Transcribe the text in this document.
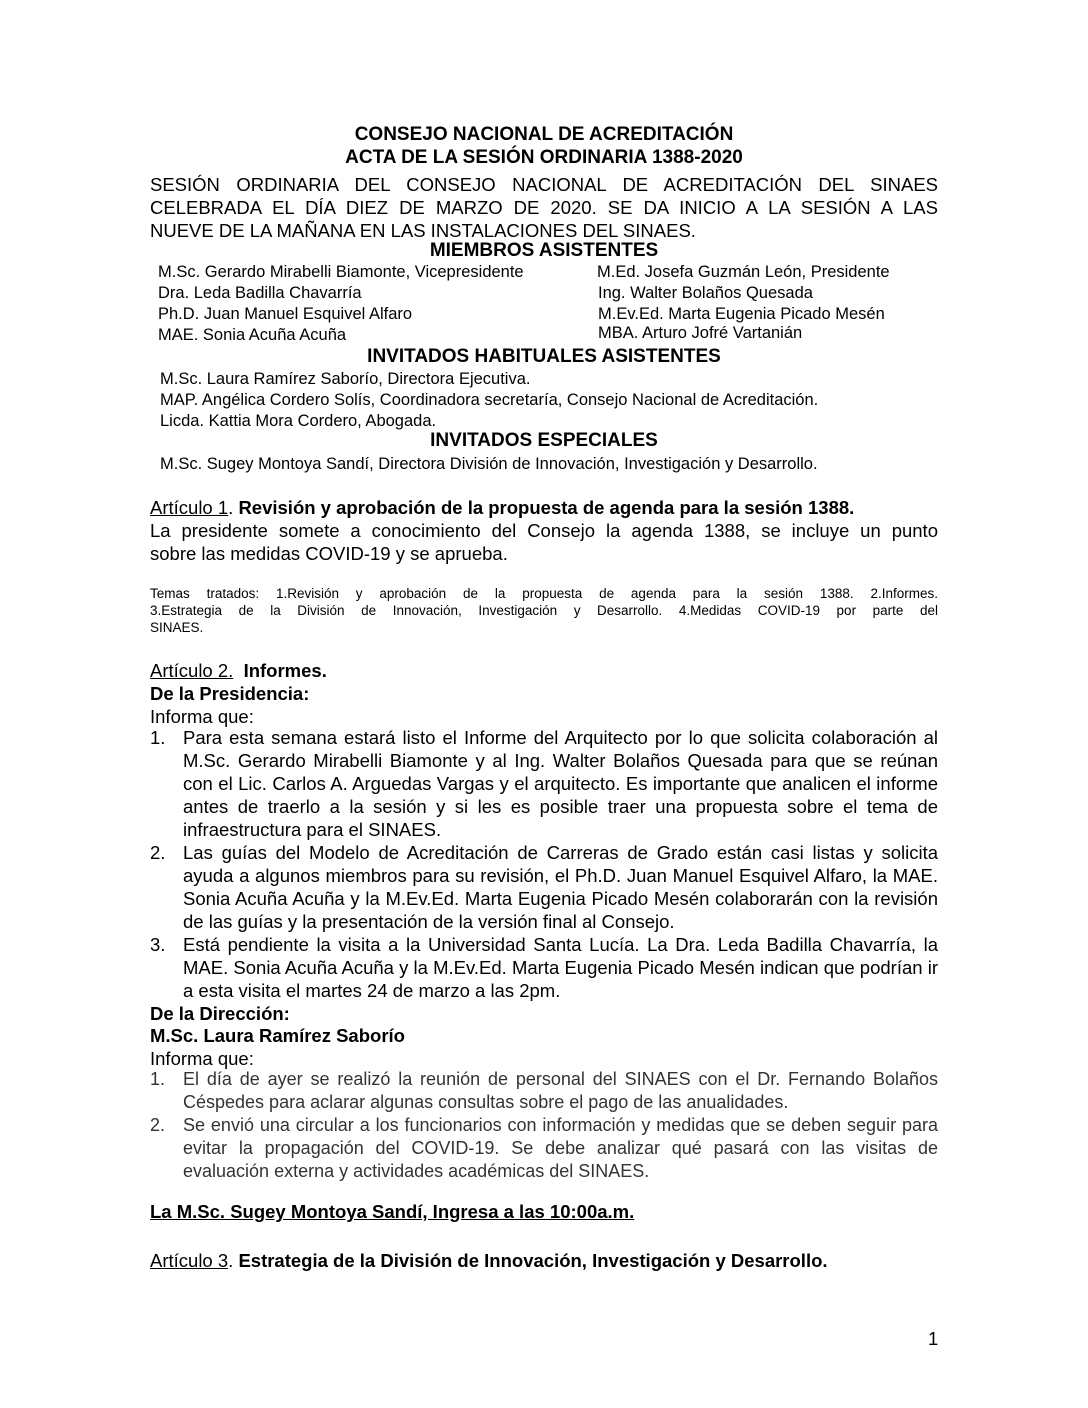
CONSEJO NACIONAL DE ACREDITACIÓN

ACTA DE LA SESIÓN ORDINARIA 1388-2020

SESIÓN ORDINARIA DEL CONSEJO NACIONAL DE ACREDITACIÓN DEL SINAES

CELEBRADA EL DÍA DIEZ DE MARZO DE 2020. SE DA INICIO A LA SESIÓN A LAS

NUEVE DE LA MAÑANA EN LAS INSTALACIONES DEL SINAES.

MIEMBROS ASISTENTES

M.Sc. Gerardo Mirabelli Biamonte, Vicepresidente

Dra. Leda Badilla Chavarría

Ph.D. Juan Manuel Esquivel Alfaro

MAE. Sonia Acuña Acuña

M.Ed. Josefa Guzmán León, Presidente

Ing. Walter Bolaños Quesada

M.Ev.Ed. Marta Eugenia Picado Mesén

MBA. Arturo Jofré Vartanián

INVITADOS HABITUALES ASISTENTES

M.Sc. Laura Ramírez Saborío, Directora Ejecutiva.

MAP. Angélica Cordero Solís, Coordinadora secretaría, Consejo Nacional de Acreditación.

Licda. Kattia Mora Cordero, Abogada.

INVITADOS ESPECIALES

M.Sc. Sugey Montoya Sandí, Directora División de Innovación, Investigación y Desarrollo.

Artículo 1. Revisión y aprobación de la propuesta de agenda para la sesión 1388.

La presidente somete a conocimiento del Consejo la agenda 1388, se incluye un punto

sobre las medidas COVID-19 y se aprueba.

Temas tratados: 1.Revisión y aprobación de la propuesta de agenda para la sesión 1388. 2.Informes.

3.Estrategia de la División de Innovación, Investigación y Desarrollo. 4.Medidas COVID-19 por parte del

SINAES.

Artículo 2. Informes.

De la Presidencia:

Informa que:

1. Para esta semana estará listo el Informe del Arquitecto por lo que solicita colaboración al M.Sc. Gerardo Mirabelli Biamonte y al Ing. Walter Bolaños Quesada para que se reúnan con el Lic. Carlos A. Arguedas Vargas y el arquitecto. Es importante que analicen el informe antes de traerlo a la sesión y si les es posible traer una propuesta sobre el tema de infraestructura para el SINAES.
2. Las guías del Modelo de Acreditación de Carreras de Grado están casi listas y solicita ayuda a algunos miembros para su revisión, el Ph.D. Juan Manuel Esquivel Alfaro, la MAE. Sonia Acuña Acuña y la M.Ev.Ed. Marta Eugenia Picado Mesén colaborarán con la revisión de las guías y la presentación de la versión final al Consejo.
3. Está pendiente la visita a la Universidad Santa Lucía. La Dra. Leda Badilla Chavarría, la MAE. Sonia Acuña Acuña y la M.Ev.Ed. Marta Eugenia Picado Mesén indican que podrían ir a esta visita el martes 24 de marzo a las 2pm.

De la Dirección:

M.Sc. Laura Ramírez Saborío

Informa que:

1. El día de ayer se realizó la reunión de personal del SINAES con el Dr. Fernando Bolaños Céspedes para aclarar algunas consultas sobre el pago de las anualidades.
2. Se envió una circular a los funcionarios con información y medidas que se deben seguir para evitar la propagación del COVID-19. Se debe analizar qué pasará con las visitas de evaluación externa y actividades académicas del SINAES.

La M.Sc. Sugey Montoya Sandí, Ingresa a las 10:00a.m.

Artículo 3. Estrategia de la División de Innovación, Investigación y Desarrollo.

1
